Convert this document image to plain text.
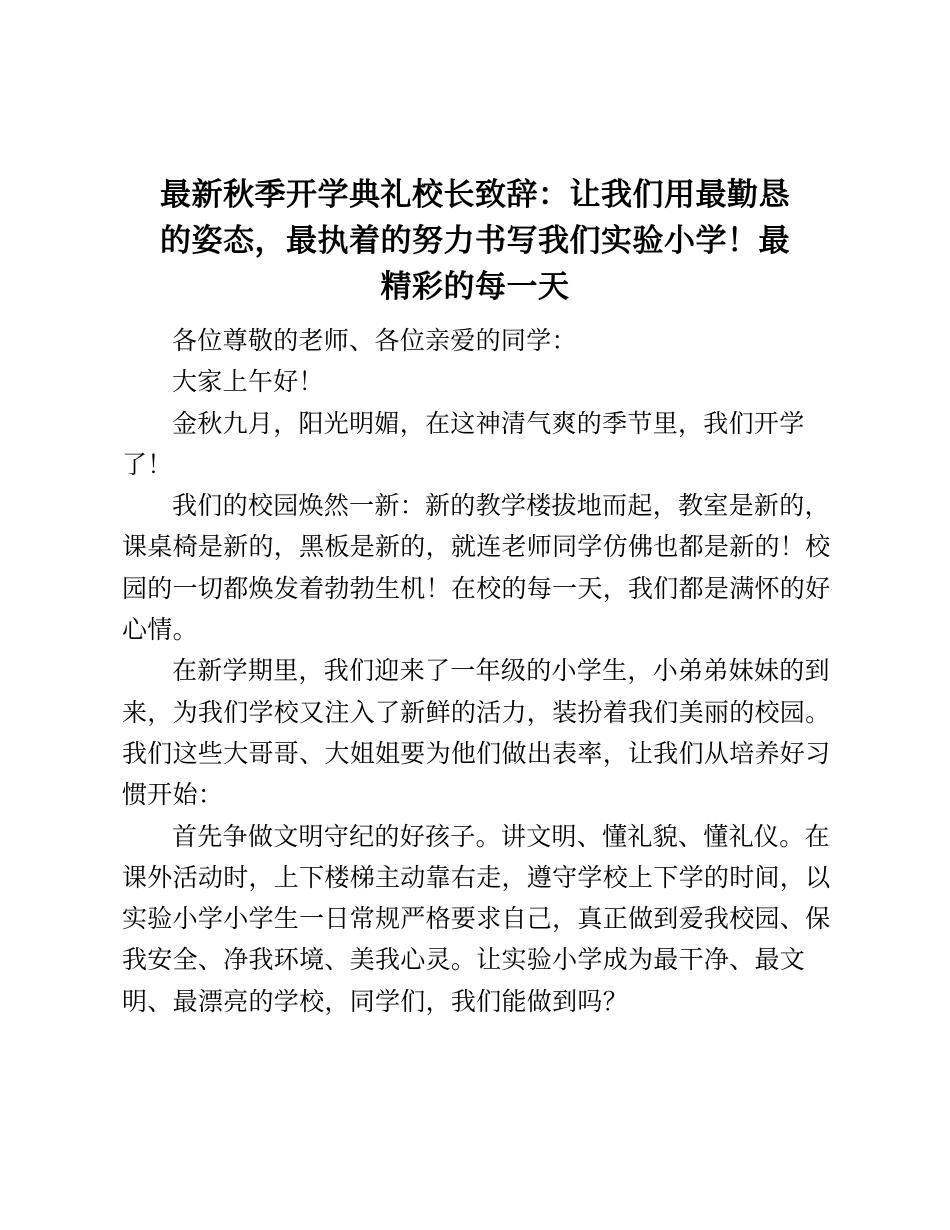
最新秋季开学典礼校长致辞：让我们用最勤恳
的姿态，最执着的努力书写我们实验小学！最
精彩的每一天
各位尊敬的老师、各位亲爱的同学：
大家上午好！
金秋九月，阳光明媚，在这神清气爽的季节里，我们开学
了！
我们的校园焕然一新：新的教学楼拔地而起，教室是新的，
课桌椅是新的，黑板是新的，就连老师同学仿佛也都是新的！校
园的一切都焕发着勃勃生机！在校的每一天，我们都是满怀的好
心情。
在新学期里，我们迎来了一年级的小学生，小弟弟妹妹的到
来，为我们学校又注入了新鲜的活力，装扮着我们美丽的校园。
我们这些大哥哥、大姐姐要为他们做出表率，让我们从培养好习
惯开始：
首先争做文明守纪的好孩子。讲文明、懂礼貌、懂礼仪。在
课外活动时，上下楼梯主动靠右走，遵守学校上下学的时间，以
实验小学小学生一日常规严格要求自己，真正做到爱我校园、保
我安全、净我环境、美我心灵。让实验小学成为最干净、最文
明、最漂亮的学校，同学们，我们能做到吗？
